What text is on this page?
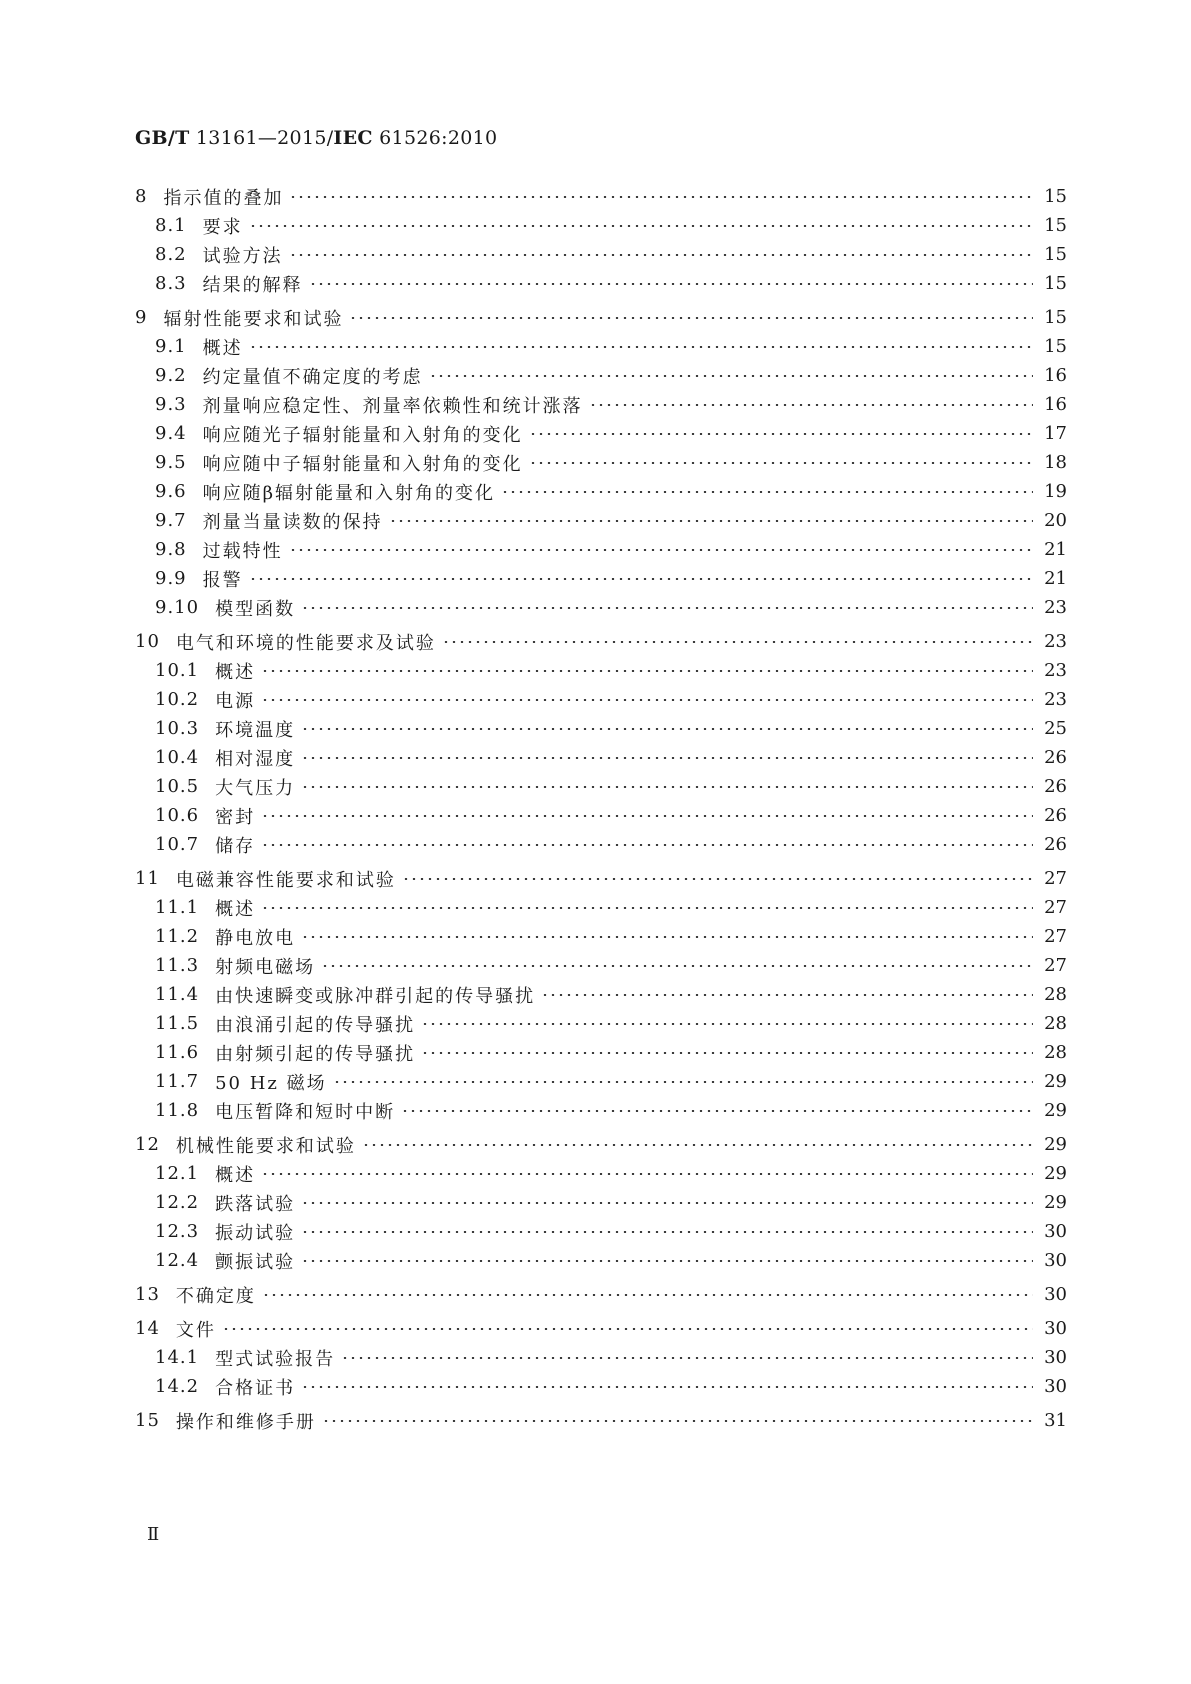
GB/T 13161—2015/IEC 61526:2010
8 指示值的叠加	15
8.1 要求	15
8.2 试验方法	15
8.3 结果的解释	15
9 辐射性能要求和试验	15
9.1 概述	15
9.2 约定量值不确定度的考虑	16
9.3 剂量响应稳定性、剂量率依赖性和统计涨落	16
9.4 响应随光子辐射能量和入射角的变化	17
9.5 响应随中子辐射能量和入射角的变化	18
9.6 响应随β辐射能量和入射角的变化	19
9.7 剂量当量读数的保持	20
9.8 过载特性	21
9.9 报警	21
9.10 模型函数	23
10 电气和环境的性能要求及试验	23
10.1 概述	23
10.2 电源	23
10.3 环境温度	25
10.4 相对湿度	26
10.5 大气压力	26
10.6 密封	26
10.7 储存	26
11 电磁兼容性能要求和试验	27
11.1 概述	27
11.2 静电放电	27
11.3 射频电磁场	27
11.4 由快速瞬变或脉冲群引起的传导骚扰	28
11.5 由浪涌引起的传导骚扰	28
11.6 由射频引起的传导骚扰	28
11.7 50 Hz 磁场	29
11.8 电压暂降和短时中断	29
12 机械性能要求和试验	29
12.1 概述	29
12.2 跌落试验	29
12.3 振动试验	30
12.4 颤振试验	30
13 不确定度	30
14 文件	30
14.1 型式试验报告	30
14.2 合格证书	30
15 操作和维修手册	31
Ⅱ
